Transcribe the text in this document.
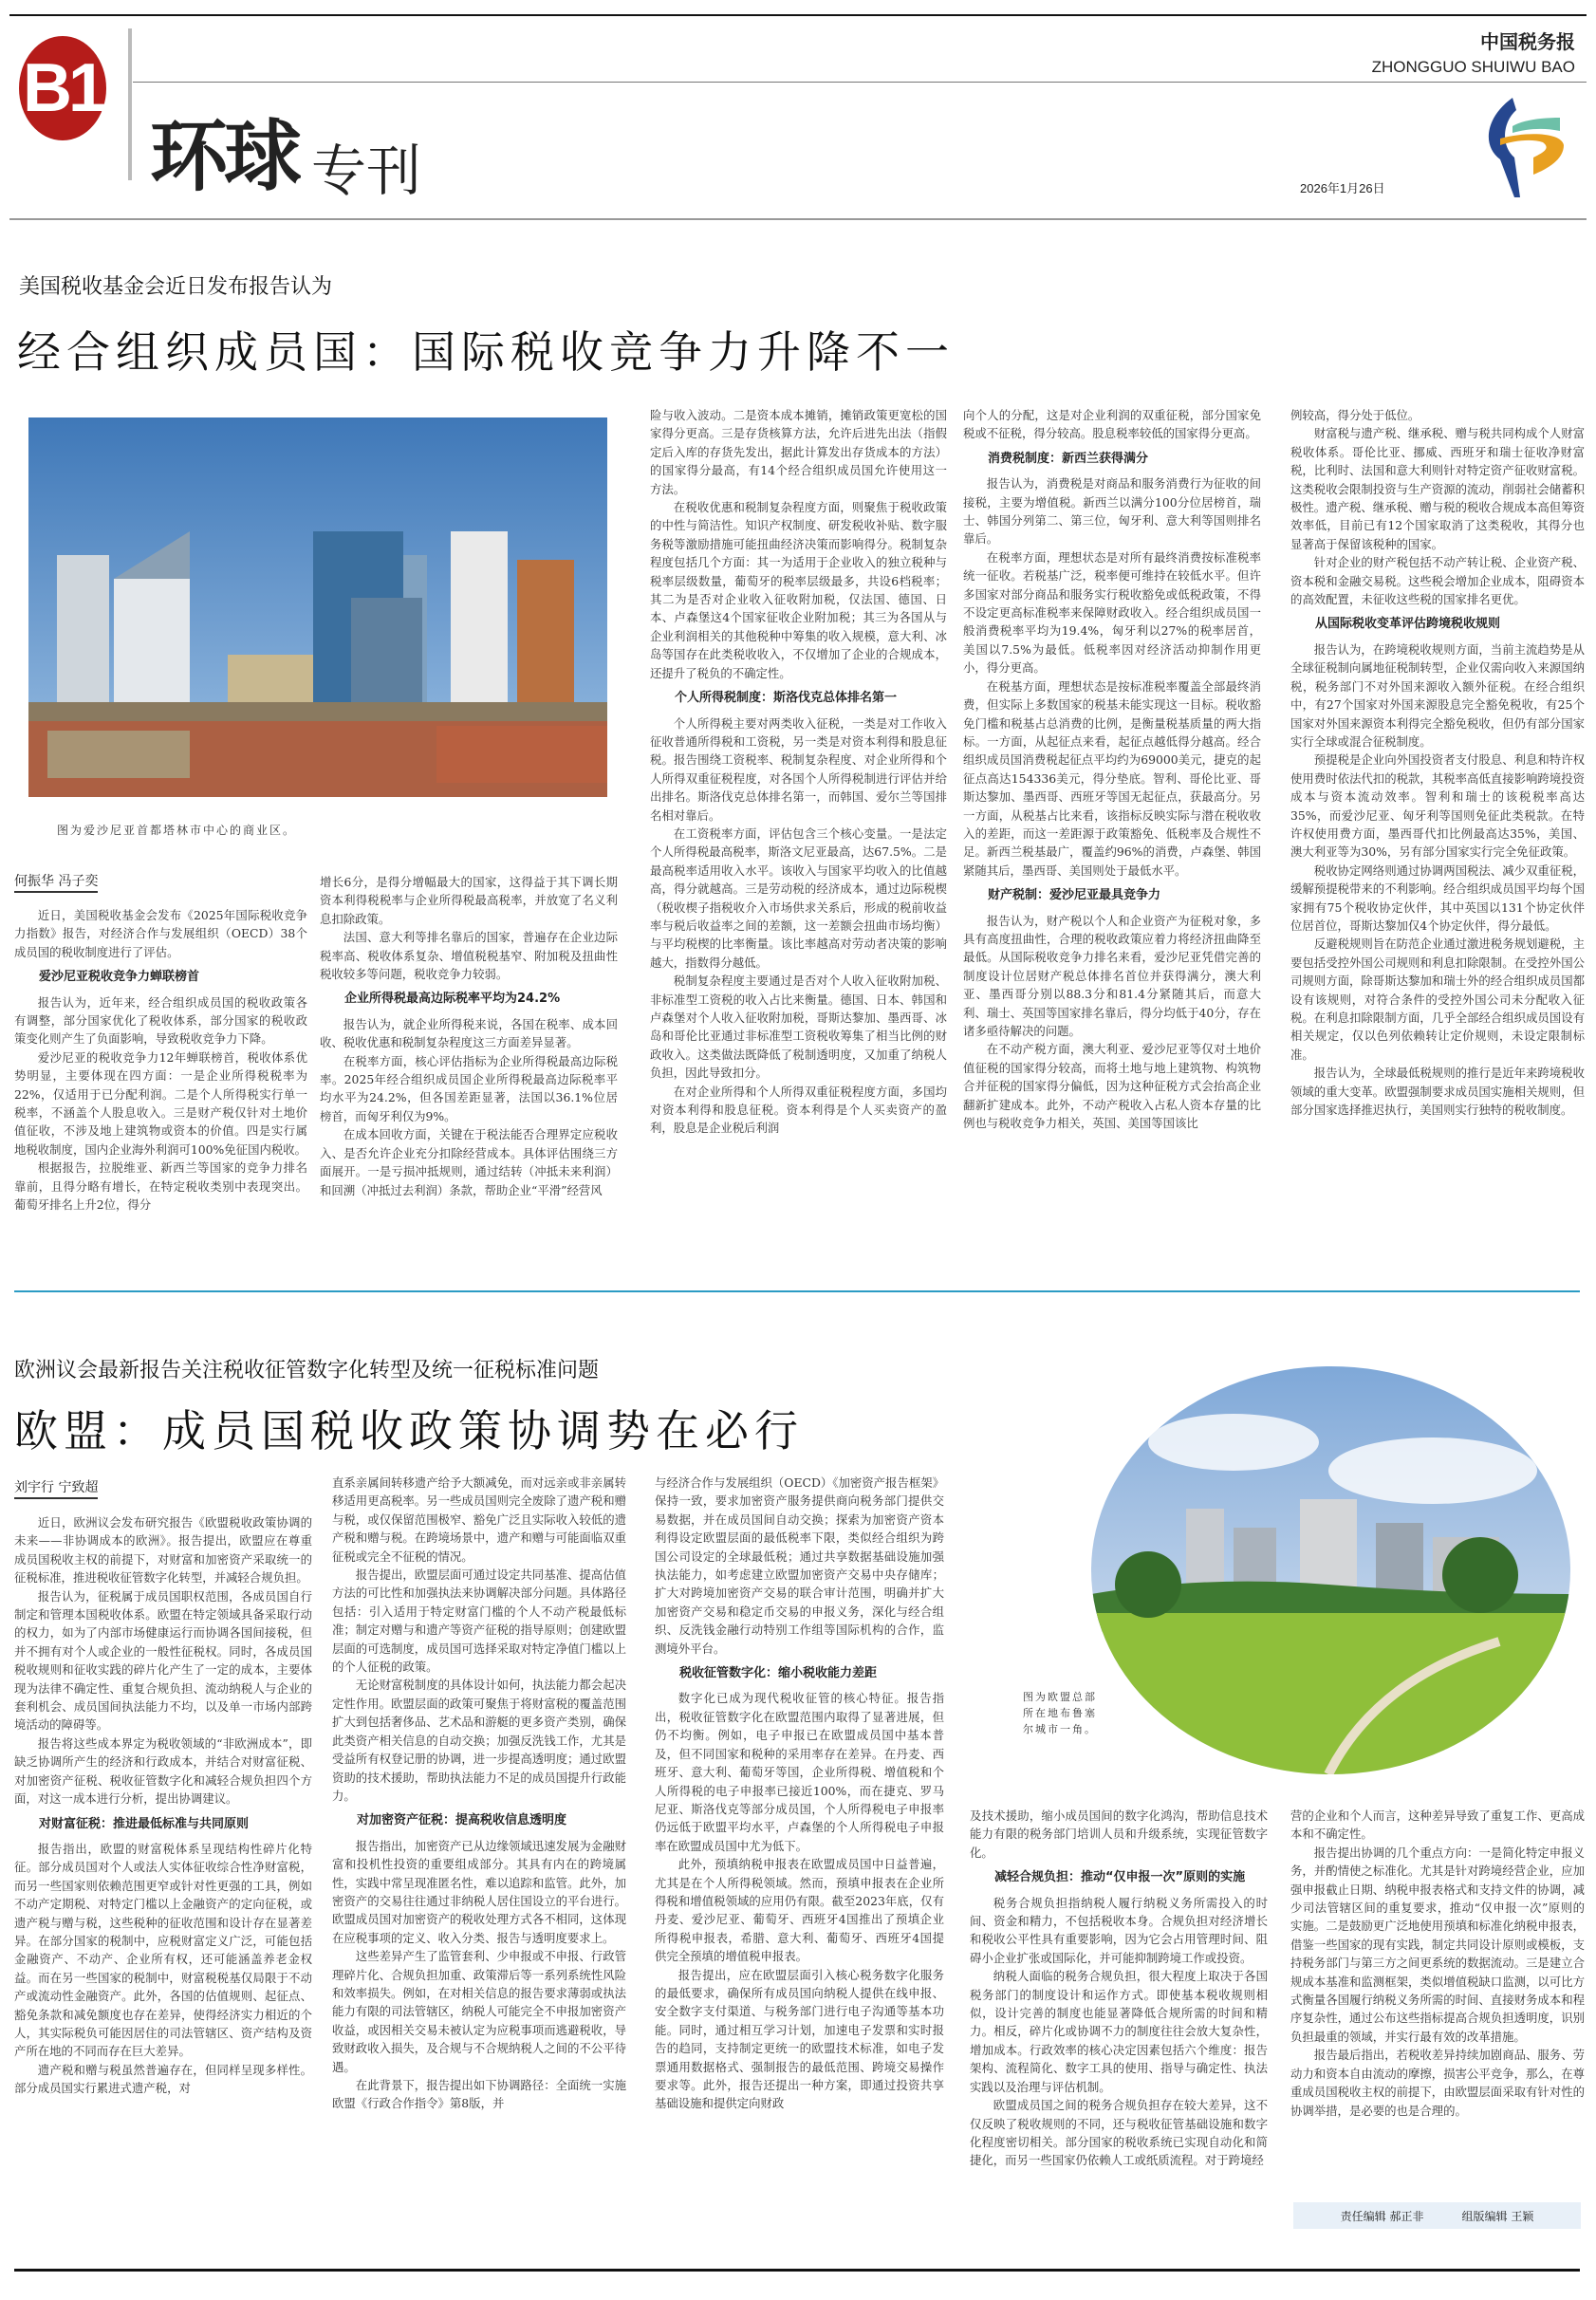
B1
环球 专刊
中国税务报
ZHONGGUO SHUIWU BAO
2026年1月26日
美国税收基金会近日发布报告认为
经合组织成员国：国际税收竞争力升降不一
图为爱沙尼亚首都塔林市中心的商业区。
何振华 冯子奕

近日，美国税收基金会发布《2025年国际税收竞争力指数》报告，对经济合作与发展组织（OECD）38个成员国的税收制度进行了评估。

爱沙尼亚税收竞争力蝉联榜首

报告认为，近年来，经合组织成员国的税收政策各有调整，部分国家优化了税收体系，部分国家的税收政策变化则产生了负面影响，导致税收竞争力下降。

爱沙尼亚的税收竞争力12年蝉联榜首，税收体系优势明显，主要体现在四方面：一是企业所得税税率为22%，仅适用于已分配利润。二是个人所得税实行单一税率，不涵盖个人股息收入。三是财产税仅针对土地价值征收，不涉及地上建筑物或资本的价值。四是实行属地税收制度，国内企业海外利润可100%免征国内税收。

根据报告，拉脱维亚、新西兰等国家的竞争力排名靠前，且得分略有增长，在特定税收类别中表现突出。葡萄牙排名上升2位，得分

增长6分，是得分增幅最大的国家，这得益于其下调长期资本利得税税率与企业所得税最高税率，并放宽了名义利息扣除政策。

法国、意大利等排名靠后的国家，普遍存在企业边际税率高、税收体系复杂、增值税税基窄、附加税及扭曲性税收较多等问题，税收竞争力较弱。

企业所得税最高边际税率平均为24.2%

报告认为，就企业所得税来说，各国在税率、成本回收、税收优惠和税制复杂程度这三方面差异显著。

在税率方面，核心评估指标为企业所得税最高边际税率。2025年经合组织成员国企业所得税最高边际税率平均水平为24.2%，但各国差距显著，法国以36.1%位居榜首，而匈牙利仅为9%。

在成本回收方面，关键在于税法能否合理界定应税收入、是否允许企业充分扣除经营成本。具体评估围绕三方面展开。一是亏损冲抵规则，通过结转（冲抵未来利润）和回溯（冲抵过去利润）条款，帮助企业“平滑”经营风

险与收入波动。二是资本成本摊销，摊销政策更宽松的国家得分更高。三是存货核算方法，允许后进先出法（指假定后入库的存货先发出，据此计算发出存货成本的方法）的国家得分最高，有14个经合组织成员国允许使用这一方法。

在税收优惠和税制复杂程度方面，则聚焦于税收政策的中性与简洁性。知识产权制度、研发税收补贴、数字服务税等激励措施可能扭曲经济决策而影响得分。税制复杂程度包括几个方面：其一为适用于企业收入的独立税种与税率层级数量，葡萄牙的税率层级最多，共设6档税率；其二为是否对企业收入征收附加税，仅法国、德国、日本、卢森堡这4个国家征收企业附加税；其三为各国从与企业利润相关的其他税种中筹集的收入规模，意大利、冰岛等国存在此类税收收入，不仅增加了企业的合规成本，还提升了税负的不确定性。

个人所得税制度：斯洛伐克总体排名第一

个人所得税主要对两类收入征税，一类是对工作收入征收普通所得税和工资税，另一类是对资本利得和股息征税。报告围绕工资税率、税制复杂程度、对企业所得和个人所得双重征税程度，对各国个人所得税制进行评估并给出排名。斯洛伐克总体排名第一，而韩国、爱尔兰等国排名相对靠后。

在工资税率方面，评估包含三个核心变量。一是法定个人所得税最高税率，斯洛文尼亚最高，达67.5%。二是最高税率适用收入水平。该收入与国家平均收入的比值越高，得分就越高。三是劳动税的经济成本，通过边际税楔（税收楔子指税收介入市场供求关系后，形成的税前收益率与税后收益率之间的差额，这一差额会扭曲市场均衡）与平均税楔的比率衡量。该比率越高对劳动者决策的影响越大，指数得分越低。

税制复杂程度主要通过是否对个人收入征收附加税、非标准型工资税的收入占比来衡量。德国、日本、韩国和卢森堡对个人收入征收附加税，哥斯达黎加、墨西哥、冰岛和哥伦比亚通过非标准型工资税收筹集了相当比例的财政收入。这类做法既降低了税制透明度，又加重了纳税人负担，因此导致扣分。

在对企业所得和个人所得双重征税程度方面，多国均对资本利得和股息征税。资本利得是个人买卖资产的盈利，股息是企业税后利润

向个人的分配，这是对企业利润的双重征税，部分国家免税或不征税，得分较高。股息税率较低的国家得分更高。

消费税制度：新西兰获得满分

报告认为，消费税是对商品和服务消费行为征收的间接税，主要为增值税。新西兰以满分100分位居榜首，瑞士、韩国分列第二、第三位，匈牙利、意大利等国则排名靠后。

在税率方面，理想状态是对所有最终消费按标准税率统一征收。若税基广泛，税率便可维持在较低水平。但许多国家对部分商品和服务实行税收豁免或低税政策，不得不设定更高标准税率来保障财政收入。经合组织成员国一般消费税率平均为19.4%，匈牙利以27%的税率居首，美国以7.5%为最低。低税率因对经济活动抑制作用更小，得分更高。

在税基方面，理想状态是按标准税率覆盖全部最终消费，但实际上多数国家的税基未能实现这一目标。税收豁免门槛和税基占总消费的比例，是衡量税基质量的两大指标。一方面，从起征点来看，起征点越低得分越高。经合组织成员国消费税起征点平均约为69000美元，捷克的起征点高达154336美元，得分垫底。智利、哥伦比亚、哥斯达黎加、墨西哥、西班牙等国无起征点，获最高分。另一方面，从税基占比来看，该指标反映实际与潜在税收收入的差距，而这一差距源于政策豁免、低税率及合规性不足。新西兰税基最广，覆盖约96%的消费，卢森堡、韩国紧随其后，墨西哥、美国则处于最低水平。

财产税制：爱沙尼亚最具竞争力

报告认为，财产税以个人和企业资产为征税对象，多具有高度扭曲性，合理的税收政策应着力将经济扭曲降至最低。从国际税收竞争力排名来看，爱沙尼亚凭借完善的制度设计位居财产税总体排名首位并获得满分，澳大利亚、墨西哥分别以88.3分和81.4分紧随其后，而意大利、瑞士、英国等国家排名靠后，得分均低于40分，存在诸多亟待解决的问题。

在不动产税方面，澳大利亚、爱沙尼亚等仅对土地价值征税的国家得分较高，而将土地与地上建筑物、构筑物合并征税的国家得分偏低，因为这种征税方式会抬高企业翻新扩建成本。此外，不动产税收入占私人资本存量的比例也与税收竞争力相关，英国、美国等国该比

例较高，得分处于低位。

财富税与遗产税、继承税、赠与税共同构成个人财富税收体系。哥伦比亚、挪威、西班牙和瑞士征收净财富税，比利时、法国和意大利则针对特定资产征收财富税。这类税收会限制投资与生产资源的流动，削弱社会储蓄积极性。遗产税、继承税、赠与税的税收合规成本高但筹资效率低，目前已有12个国家取消了这类税收，其得分也显著高于保留该税种的国家。

针对企业的财产税包括不动产转让税、企业资产税、资本税和金融交易税。这些税会增加企业成本，阻碍资本的高效配置，未征收这些税的国家排名更优。

从国际税收变革评估跨境税收规则

报告认为，在跨境税收规则方面，当前主流趋势是从全球征税制向属地征税制转型，企业仅需向收入来源国纳税，税务部门不对外国来源收入额外征税。在经合组织中，有27个国家对外国来源股息完全豁免税收，有25个国家对外国来源资本利得完全豁免税收，但仍有部分国家实行全球或混合征税制度。

预提税是企业向外国投资者支付股息、利息和特许权使用费时依法代扣的税款，其税率高低直接影响跨境投资成本与资本流动效率。智利和瑞士的该税税率高达35%，而爱沙尼亚、匈牙利等国则免征此类税款。在特许权使用费方面，墨西哥代扣比例最高达35%，美国、澳大利亚等为30%，另有部分国家实行完全免征政策。

税收协定网络则通过协调两国税法、减少双重征税，缓解预提税带来的不利影响。经合组织成员国平均每个国家拥有75个税收协定伙伴，其中英国以131个协定伙伴位居首位，哥斯达黎加仅4个协定伙伴，得分最低。

反避税规则旨在防范企业通过激进税务规划避税，主要包括受控外国公司规则和利息扣除限制。在受控外国公司规则方面，除哥斯达黎加和瑞士外的经合组织成员国都设有该规则，对符合条件的受控外国公司未分配收入征税。在利息扣除限制方面，几乎全部经合组织成员国设有相关规定，仅以色列依赖转让定价规则，未设定限制标准。

报告认为，全球最低税规则的推行是近年来跨境税收领域的重大变革。欧盟强制要求成员国实施相关规则，但部分国家选择推迟执行，美国则实行独特的税收制度。

欧洲议会最新报告关注税收征管数字化转型及统一征税标准问题
欧盟：成员国税收政策协调势在必行
图为欧盟总部所在地布鲁塞尔城市一角。
刘宇行 宁致超

近日，欧洲议会发布研究报告《欧盟税收政策协调的未来——非协调成本的欧洲》。报告提出，欧盟应在尊重成员国税收主权的前提下，对财富和加密资产采取统一的征税标准，推进税收征管数字化转型，并减轻合规负担。

报告认为，征税属于成员国职权范围，各成员国自行制定和管理本国税收体系。欧盟在特定领域具备采取行动的权力，如为了内部市场健康运行而协调各国间接税，但并不拥有对个人或企业的一般性征税权。同时，各成员国税收规则和征收实践的碎片化产生了一定的成本，主要体现为法律不确定性、重复合规负担、流动纳税人与企业的套利机会、成员国间执法能力不均，以及单一市场内部跨境活动的障碍等。

报告将这些成本界定为税收领域的“非欧洲成本”，即缺乏协调所产生的经济和行政成本，并结合对财富征税、对加密资产征税、税收征管数字化和减轻合规负担四个方面，对这一成本进行分析，提出协调建议。

对财富征税：推进最低标准与共同原则

报告指出，欧盟的财富税体系呈现结构性碎片化特征。部分成员国对个人或法人实体征收综合性净财富税，而另一些国家则依赖范围更窄或针对性更强的工具，例如不动产定期税、对特定门槛以上金融资产的定向征税，或遗产税与赠与税，这些税种的征收范围和设计存在显著差异。在部分国家的税制中，应税财富定义广泛，可能包括金融资产、不动产、企业所有权，还可能涵盖养老金权益。而在另一些国家的税制中，财富税税基仅局限于不动产或流动性金融资产。此外，各国的估值规则、起征点、豁免条款和减免额度也存在差异，使得经济实力相近的个人，其实际税负可能因居住的司法管辖区、资产结构及资产所在地的不同而存在巨大差异。

遗产税和赠与税虽然普遍存在，但同样呈现多样性。部分成员国实行累进式遗产税，对

直系亲属间转移遗产给予大额减免，而对远亲或非亲属转移适用更高税率。另一些成员国则完全废除了遗产税和赠与税，或仅保留范围极窄、豁免广泛且实际收入较低的遗产税和赠与税。在跨境场景中，遗产和赠与可能面临双重征税或完全不征税的情况。

报告提出，欧盟层面可通过设定共同基准、提高估值方法的可比性和加强执法来协调解决部分问题。具体路径包括：引入适用于特定财富门槛的个人不动产税最低标准；制定对赠与和遗产等资产征税的指导原则；创建欧盟层面的可选制度，成员国可选择采取对特定净值门槛以上的个人征税的政策。

无论财富税制度的具体设计如何，执法能力都会起决定性作用。欧盟层面的政策可聚焦于将财富税的覆盖范围扩大到包括奢侈品、艺术品和游艇的更多资产类别，确保此类资产相关信息的自动交换；加强反洗钱工作，尤其是受益所有权登记册的协调，进一步提高透明度；通过欧盟资助的技术援助，帮助执法能力不足的成员国提升行政能力。

对加密资产征税：提高税收信息透明度

报告指出，加密资产已从边缘领域迅速发展为金融财富和投机性投资的重要组成部分。其具有内在的跨境属性，实践中常呈现准匿名性，难以追踪和监管。此外，加密资产的交易往往通过非纳税人居住国设立的平台进行。欧盟成员国对加密资产的税收处理方式各不相同，这体现在应税事项的定义、收入分类、报告与透明度要求上。

这些差异产生了监管套利、少申报或不申报、行政管理碎片化、合规负担加重、政策滞后等一系列系统性风险和效率损失。例如，在对相关信息的报告要求薄弱或执法能力有限的司法管辖区，纳税人可能完全不申报加密资产收益，或因相关交易未被认定为应税事项而逃避税收，导致财政收入损失，及合规与不合规纳税人之间的不公平待遇。

在此背景下，报告提出如下协调路径：全面统一实施欧盟《行政合作指令》第8版，并

与经济合作与发展组织（OECD）《加密资产报告框架》保持一致，要求加密资产服务提供商向税务部门提供交易数据，并在成员国间自动交换；探索为加密资产资本利得设定欧盟层面的最低税率下限，类似经合组织为跨国公司设定的全球最低税；通过共享数据基础设施加强执法能力，如考虑建立欧盟加密资产交易中央存储库；扩大对跨境加密资产交易的联合审计范围，明确并扩大加密资产交易和稳定币交易的申报义务，深化与经合组织、反洗钱金融行动特别工作组等国际机构的合作，监测境外平台。

税收征管数字化：缩小税收能力差距

数字化已成为现代税收征管的核心特征。报告指出，税收征管数字化在欧盟范围内取得了显著进展，但仍不均衡。例如，电子申报已在欧盟成员国中基本普及，但不同国家和税种的采用率存在差异。在丹麦、西班牙、意大利、葡萄牙等国，企业所得税、增值税和个人所得税的电子申报率已接近100%，而在捷克、罗马尼亚、斯洛伐克等部分成员国，个人所得税电子申报率仍远低于欧盟平均水平，卢森堡的个人所得税电子申报率在欧盟成员国中尤为低下。

此外，预填纳税申报表在欧盟成员国中日益普遍，尤其是在个人所得税领域。然而，预填申报表在企业所得税和增值税领域的应用仍有限。截至2023年底，仅有丹麦、爱沙尼亚、葡萄牙、西班牙4国推出了预填企业所得税申报表，希腊、意大利、葡萄牙、西班牙4国提供完全预填的增值税申报表。

报告提出，应在欧盟层面引入核心税务数字化服务的最低要求，确保所有成员国向纳税人提供在线申报、安全数字支付渠道、与税务部门进行电子沟通等基本功能。同时，通过相互学习计划，加速电子发票和实时报告的趋同，支持制定更统一的欧盟技术标准，如电子发票通用数据格式、强制报告的最低范围、跨境交易操作要求等。此外，报告还提出一种方案，即通过投资共享基础设施和提供定向财政

及技术援助，缩小成员国间的数字化鸿沟，帮助信息技术能力有限的税务部门培训人员和升级系统，实现征管数字化。

减轻合规负担：推动“仅申报一次”原则的实施

税务合规负担指纳税人履行纳税义务所需投入的时间、资金和精力，不包括税收本身。合规负担对经济增长和税收公平性具有重要影响，因为它会占用管理时间、阻碍小企业扩张或国际化，并可能抑制跨境工作或投资。

纳税人面临的税务合规负担，很大程度上取决于各国税务部门的制度设计和运作方式。即使基本税收规则相似，设计完善的制度也能显著降低合规所需的时间和精力。相反，碎片化或协调不力的制度往往会放大复杂性，增加成本。行政效率的核心决定因素包括六个维度：报告架构、流程简化、数字工具的使用、指导与确定性、执法实践以及治理与评估机制。

欧盟成员国之间的税务合规负担存在较大差异，这不仅反映了税收规则的不同，还与税收征管基础设施和数字化程度密切相关。部分国家的税收系统已实现自动化和简捷化，而另一些国家仍依赖人工或纸质流程。对于跨境经

营的企业和个人而言，这种差异导致了重复工作、更高成本和不确定性。

报告提出协调的几个重点方向：一是简化特定申报义务，并酌情使之标准化。尤其是针对跨境经营企业，应加强申报截止日期、纳税申报表格式和支持文件的协调，减少司法管辖区间的重复要求，推动“仅申报一次”原则的实施。二是鼓励更广泛地使用预填和标准化纳税申报表，借鉴一些国家的现有实践，制定共同设计原则或模板，支持税务部门与第三方之间更系统的数据流动。三是建立合规成本基准和监测框架，类似增值税缺口监测，以可比方式衡量各国履行纳税义务所需的时间、直接财务成本和程序复杂性，通过公布这些指标提高合规负担透明度，识别负担最重的领域，并实行最有效的改革措施。

报告最后指出，若税收差异持续加剧商品、服务、劳动力和资本自由流动的摩擦，损害公平竞争，那么，在尊重成员国税收主权的前提下，由欧盟层面采取有针对性的协调举措，是必要的也是合理的。

责任编辑 郝正非	组版编辑 王颖
